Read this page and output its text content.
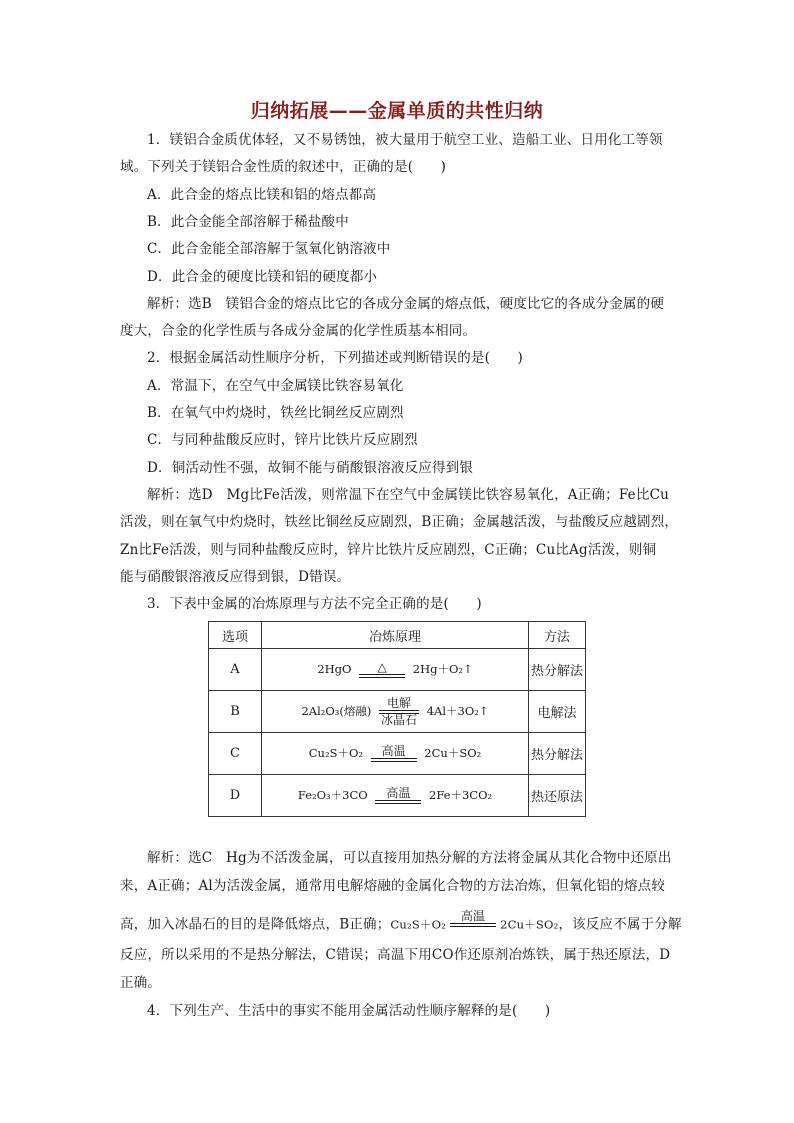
归纳拓展——金属单质的共性归纳
1．镁铝合金质优体轻，又不易锈蚀，被大量用于航空工业、造船工业、日用化工等领
域。下列关于镁铝合金性质的叙述中，正确的是(　　)
A．此合金的熔点比镁和铝的熔点都高
B．此合金能全部溶解于稀盐酸中
C．此合金能全部溶解于氢氧化钠溶液中
D．此合金的硬度比镁和铝的硬度都小
解析：选B　镁铝合金的熔点比它的各成分金属的熔点低，硬度比它的各成分金属的硬
度大，合金的化学性质与各成分金属的化学性质基本相同。
2．根据金属活动性顺序分析，下列描述或判断错误的是(　　)
A．常温下，在空气中金属镁比铁容易氧化
B．在氧气中灼烧时，铁丝比铜丝反应剧烈
C．与同种盐酸反应时，锌片比铁片反应剧烈
D．铜活动性不强，故铜不能与硝酸银溶液反应得到银
解析：选D　Mg比Fe活泼，则常温下在空气中金属镁比铁容易氧化，A正确；Fe比Cu
活泼，则在氧气中灼烧时，铁丝比铜丝反应剧烈，B正确；金属越活泼，与盐酸反应越剧烈，
Zn比Fe活泼，则与同种盐酸反应时，锌片比铁片反应剧烈，C正确；Cu比Ag活泼，则铜
能与硝酸银溶液反应得到银，D错误。
3．下表中金属的冶炼原理与方法不完全正确的是(　　)
选项	冶炼原理	方法
A	2HgO △ 2Hg＋O₂↑	热分解法
B	2Al₂O₃(熔融) $\frac{\text{电解}}{\text{冰晶石}}$ 4Al＋3O₂↑	电解法
C	Cu₂S＋O₂ 高温 2Cu＋SO₂	热分解法
D	Fe₂O₃＋3CO 高温 2Fe＋3CO₂	热还原法
解析：选C　Hg为不活泼金属，可以直接用加热分解的方法将金属从其化合物中还原出
来，A正确；Al为活泼金属，通常用电解熔融的金属化合物的方法冶炼，但氧化铝的熔点较
高，加入冰晶石的目的是降低熔点，B正确；Cu₂S＋O₂
高温
2Cu＋SO₂，该反应不属于分解
反应，所以采用的不是热分解法，C错误；高温下用CO作还原剂冶炼铁，属于热还原法，D
正确。
4．下列生产、生活中的事实不能用金属活动性顺序解释的是(　　)
